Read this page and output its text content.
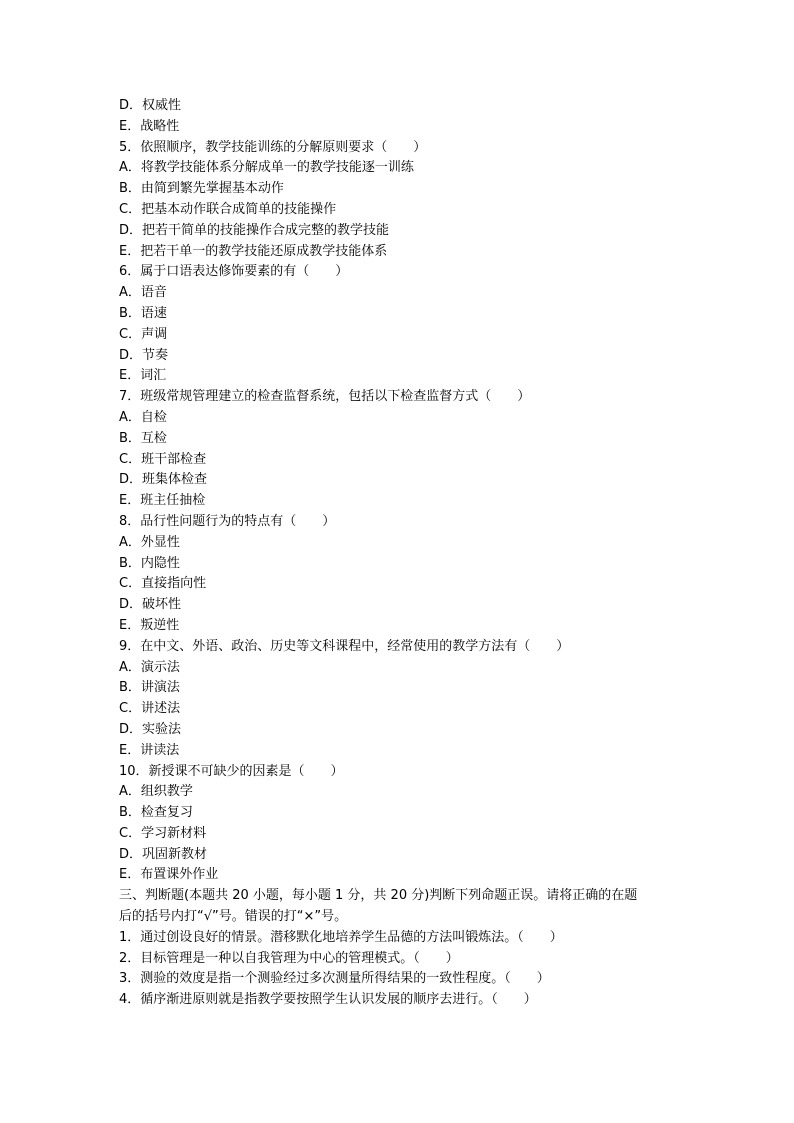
D．权威性
E．战略性
5．依照顺序，教学技能训练的分解原则要求（　　）
A．将教学技能体系分解成单一的教学技能逐一训练
B．由简到繁先掌握基本动作
C．把基本动作联合成简单的技能操作
D．把若干简单的技能操作合成完整的教学技能
E．把若干单一的教学技能还原成教学技能体系
6．属于口语表达修饰要素的有（　　）
A．语音
B．语速
C．声调
D．节奏
E．词汇
7．班级常规管理建立的检查监督系统，包括以下检查监督方式（　　）
A．自检
B．互检
C．班干部检查
D．班集体检查
E．班主任抽检
8．品行性问题行为的特点有（　　）
A．外显性
B．内隐性
C．直接指向性
D．破坏性
E．叛逆性
9．在中文、外语、政治、历史等文科课程中，经常使用的教学方法有（　　）
A．演示法
B．讲演法
C．讲述法
D．实验法
E．讲读法
10．新授课不可缺少的因素是（　　）
A．组织教学
B．检查复习
C．学习新材料
D．巩固新教材
E．布置课外作业
三、判断题(本题共 20 小题，每小题 1 分，共 20 分)判断下列命题正误。请将正确的在题
后的括号内打“√”号。错误的打“×”号。
1．通过创设良好的情景。潜移默化地培养学生品德的方法叫锻炼法。（　　）
2．目标管理是一种以自我管理为中心的管理模式。（　　）
3．测验的效度是指一个测验经过多次测量所得结果的一致性程度。（　　）
4．循序渐进原则就是指教学要按照学生认识发展的顺序去进行。（　　）
